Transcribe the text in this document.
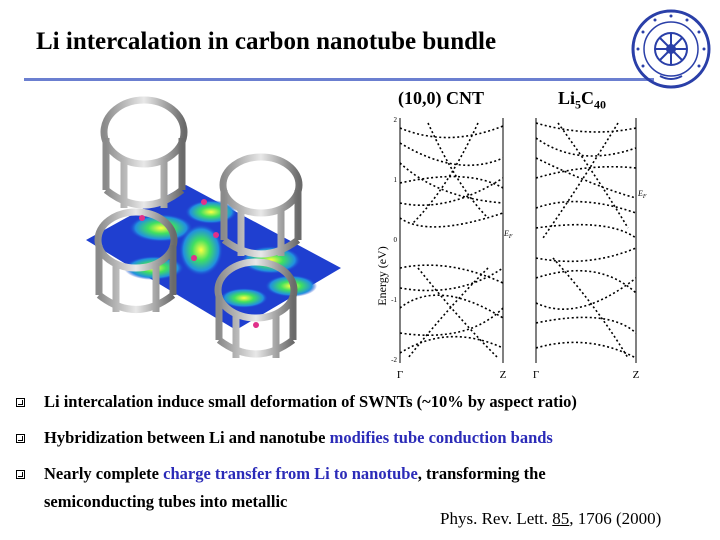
Li intercalation in carbon nanotube bundle
(10,0) CNT	$Li_5C_{40}$
Energy (eV)
2
1
0
-1
-2
$E_F$
Γ	Z
$E_F$
Γ	Z
Li intercalation induce small deformation of SWNTs (~10% by aspect ratio)
Hybridization between Li and nanotube modifies tube conduction bands
Nearly complete charge transfer from Li to nanotube, transforming the
semiconducting tubes into metallic
Phys. Rev. Lett. 85, 1706 (2000)
